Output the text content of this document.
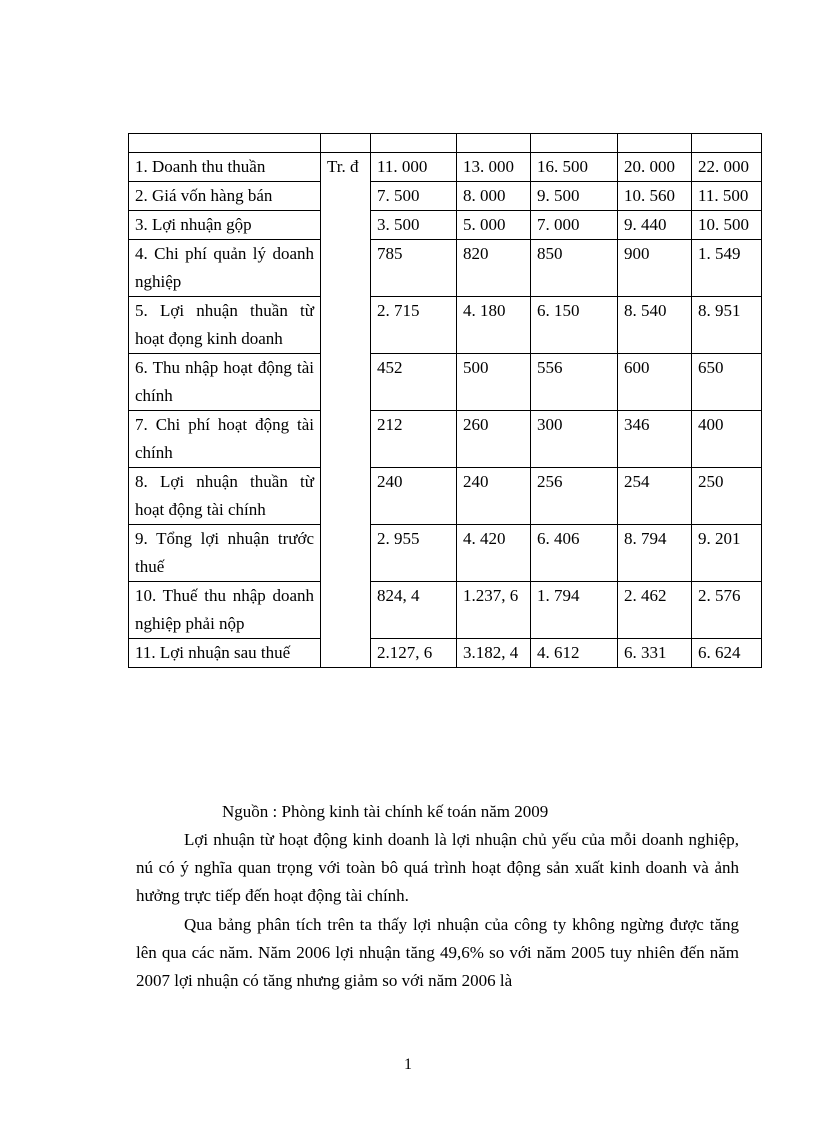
1. Doanh thu thuần	Tr. đ	11. 000	13. 000	16. 500	20. 000	22. 000
2. Giá vốn hàng bán		7. 500	8. 000	9. 500	10. 560	11. 500
3. Lợi nhuận gộp		3. 500	5. 000	7. 000	9. 440	10. 500
4. Chi phí quản lý doanh nghiệp		785	820	850	900	1. 549
5. Lợi nhuận thuần từ hoạt đọng kinh doanh		2. 715	4. 180	6. 150	8. 540	8. 951
6. Thu nhập hoạt động tài chính		452	500	556	600	650
7. Chi phí hoạt động tài chính		212	260	300	346	400
8. Lợi nhuận thuần từ hoạt động tài chính		240	240	256	254	250
9. Tổng lợi nhuận trước thuế		2. 955	4. 420	6. 406	8. 794	9. 201
10. Thuế thu nhập doanh nghiệp phải nộp		824, 4	1.237, 6	1. 794	2. 462	2. 576
11. Lợi nhuận sau thuế		2.127, 6	3.182, 4	4. 612	6. 331	6. 624
Nguồn : Phòng kinh tài chính kế toán năm 2009

Lợi nhuận từ hoạt động kinh doanh là lợi nhuận chủ yếu của mỗi doanh nghiệp, nú có ý nghĩa quan trọng với toàn bô quá trình hoạt động sản xuất kinh doanh và ảnh hưởng trực tiếp đến hoạt động tài chính.

Qua bảng phân tích trên ta thấy lợi nhuận của công ty không ngừng được tăng lên qua các năm. Năm 2006 lợi nhuận tăng 49,6% so với năm 2005 tuy nhiên đến năm 2007 lợi nhuận có tăng nhưng giảm so với năm 2006 là

1
